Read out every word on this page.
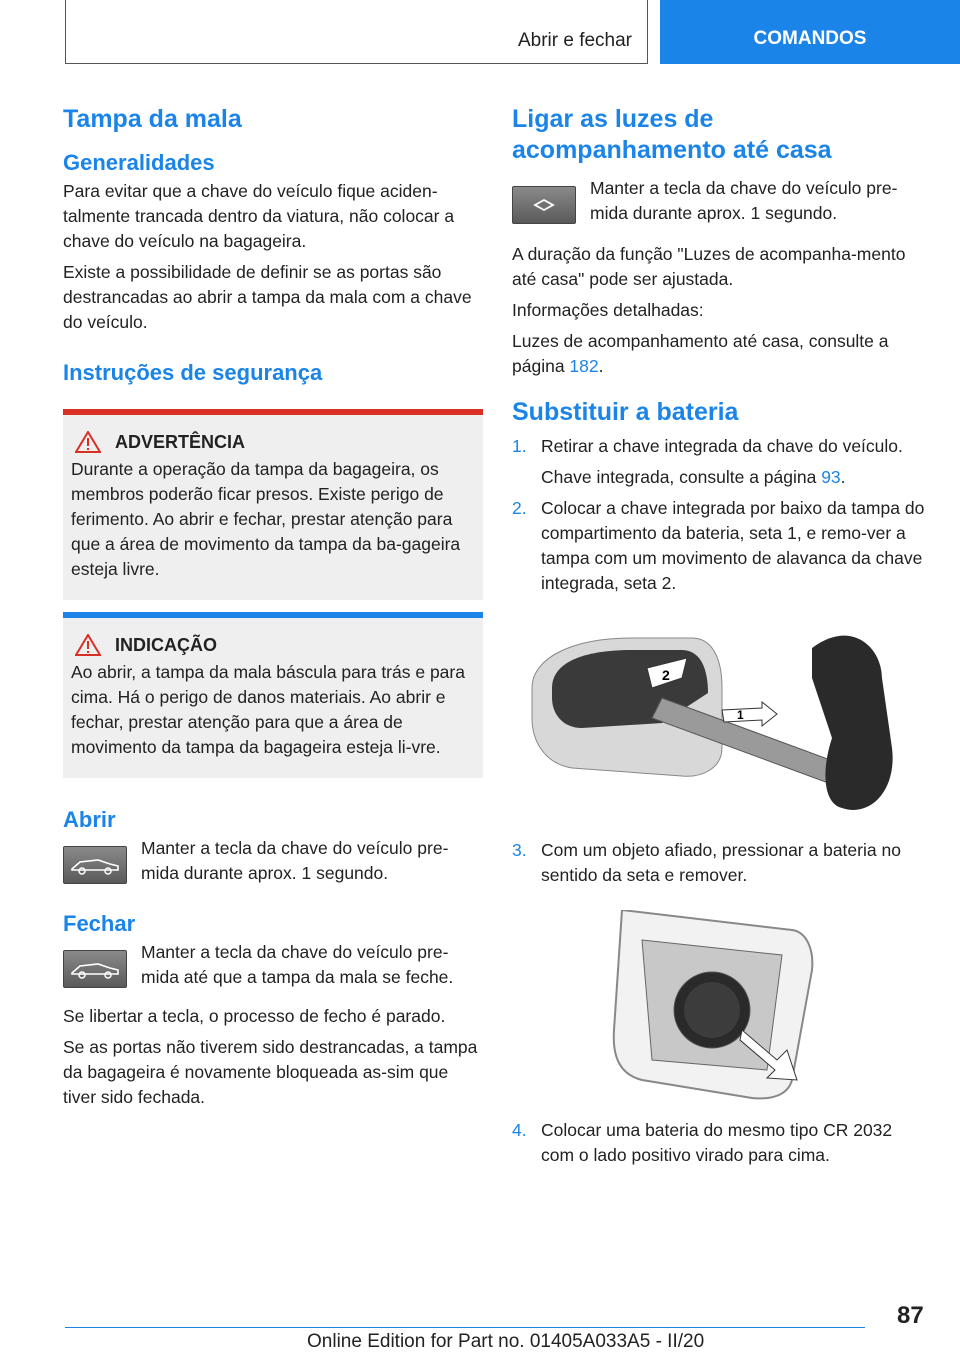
Abrir e fechar	COMANDOS
Tampa da mala
Generalidades

Para evitar que a chave do veículo fique aciden-talmente trancada dentro da viatura, não colocar a chave do veículo na bagageira.

Existe a possibilidade de definir se as portas são destrancadas ao abrir a tampa da mala com a chave do veículo.

Instruções de segurança
ADVERTÊNCIA

Durante a operação da tampa da bagageira, os membros poderão ficar presos. Existe perigo de ferimento. Ao abrir e fechar, prestar atenção para que a área de movimento da tampa da ba-gageira esteja livre.

INDICAÇÃO

Ao abrir, a tampa da mala báscula para trás e para cima. Há o perigo de danos materiais. Ao abrir e fechar, prestar atenção para que a área de movimento da tampa da bagageira esteja li-vre.

Abrir

Manter a tecla da chave do veículo pre-mida durante aprox. 1 segundo.

Fechar

Manter a tecla da chave do veículo pre-mida até que a tampa da mala se feche.

Se libertar a tecla, o processo de fecho é parado.

Se as portas não tiverem sido destrancadas, a tampa da bagageira é novamente bloqueada as-sim que tiver sido fechada.

Ligar as luzes de acompanhamento até casa

Manter a tecla da chave do veículo pre-mida durante aprox. 1 segundo.

A duração da função "Luzes de acompanha-mento até casa" pode ser ajustada.

Informações detalhadas:

Luzes de acompanhamento até casa, consulte a página 182.

Substituir a bateria
1. Retirar a chave integrada da chave do veículo.

Chave integrada, consulte a página 93.

2. Colocar a chave integrada por baixo da tampa do compartimento da bateria, seta 1, e remo-ver a tampa com um movimento de alavanca da chave integrada, seta 2.

2
1
3. Com um objeto afiado, pressionar a bateria no sentido da seta e remover.

4. Colocar uma bateria do mesmo tipo CR 2032 com o lado positivo virado para cima.

87
Online Edition for Part no. 01405A033A5 - II/20
